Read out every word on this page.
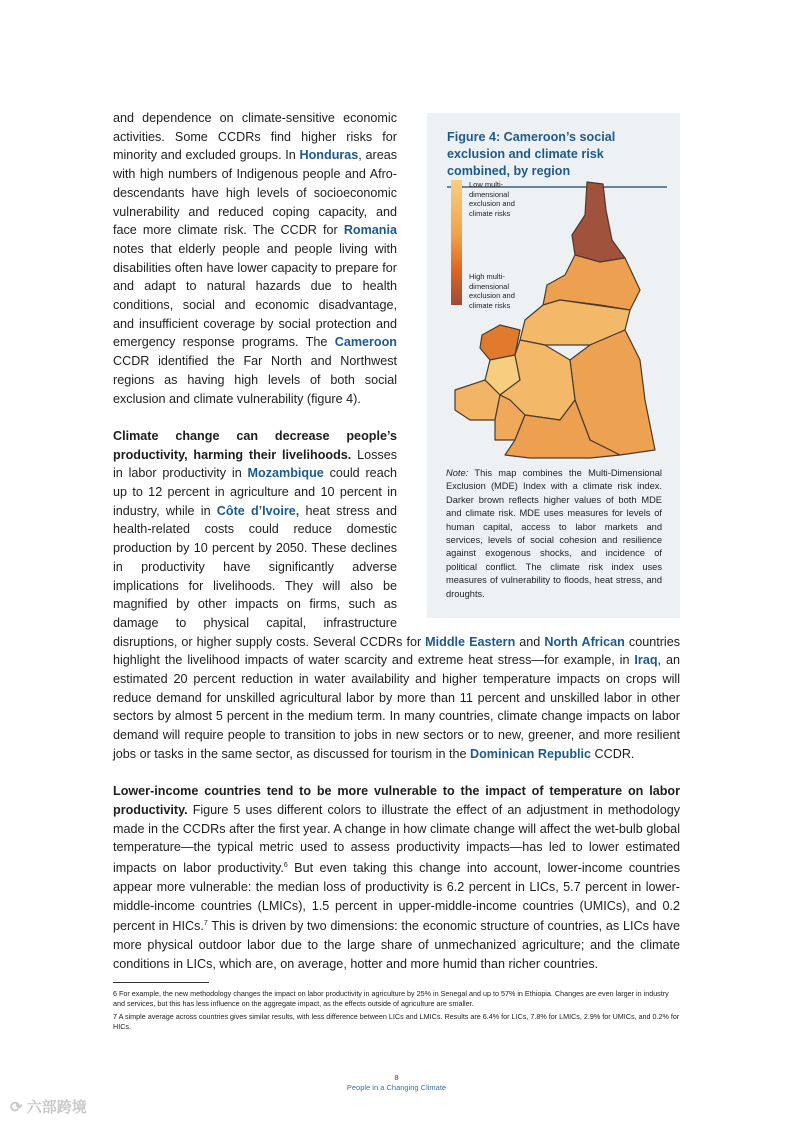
Figure 4: Cameroon’s social exclusion and climate risk combined, by region
Low multi-dimensional exclusion and climate risks
High multi-dimensional exclusion and climate risks
Note: This map combines the Multi-Dimensional Exclusion (MDE) Index with a climate risk index. Darker brown reflects higher values of both MDE and climate risk. MDE uses measures for levels of human capital, access to labor markets and services, levels of social cohesion and resilience against exogenous shocks, and incidence of political conflict. The climate risk index uses measures of vulnerability to floods, heat stress, and droughts.

and dependence on climate-sensitive economic activities. Some CCDRs find higher risks for minority and excluded groups. In Honduras, areas with high numbers of Indigenous people and Afro-descendants have high levels of socioeconomic vulnerability and reduced coping capacity, and face more climate risk. The CCDR for Romania notes that elderly people and people living with disabilities often have lower capacity to prepare for and adapt to natural hazards due to health conditions, social and economic disadvantage, and insufficient coverage by social protection and emergency response programs. The Cameroon CCDR identified the Far North and Northwest regions as having high levels of both social exclusion and climate vulnerability (figure 4).

Climate change can decrease people’s productivity, harming their livelihoods. Losses in labor productivity in Mozambique could reach up to 12 percent in agriculture and 10 percent in industry, while in Côte d’Ivoire, heat stress and health-related costs could reduce domestic production by 10 percent by 2050. These declines in productivity have significantly adverse implications for livelihoods. They will also be magnified by other impacts on firms, such as damage to physical capital, infrastructure disruptions, or higher supply costs. Several CCDRs for Middle Eastern and North African countries highlight the livelihood impacts of water scarcity and extreme heat stress—for example, in Iraq, an estimated 20 percent reduction in water availability and higher temperature impacts on crops will reduce demand for unskilled agricultural labor by more than 11 percent and unskilled labor in other sectors by almost 5 percent in the medium term. In many countries, climate change impacts on labor demand will require people to transition to jobs in new sectors or to new, greener, and more resilient jobs or tasks in the same sector, as discussed for tourism in the Dominican Republic CCDR.

Lower-income countries tend to be more vulnerable to the impact of temperature on labor productivity. Figure 5 uses different colors to illustrate the effect of an adjustment in methodology made in the CCDRs after the first year. A change in how climate change will affect the wet-bulb global temperature—the typical metric used to assess productivity impacts—has led to lower estimated impacts on labor productivity.$^6$ But even taking this change into account, lower-income countries appear more vulnerable: the median loss of productivity is 6.2 percent in LICs, 5.7 percent in lower-middle-income countries (LMICs), 1.5 percent in upper-middle-income countries (UMICs), and 0.2 percent in HICs.$^7$ This is driven by two dimensions: the economic structure of countries, as LICs have more physical outdoor labor due to the large share of unmechanized agriculture; and the climate conditions in LICs, which are, on average, hotter and more humid than richer countries.

6 For example, the new methodology changes the impact on labor productivity in agriculture by 25% in Senegal and up to 57% in Ethiopia. Changes are even larger in industry and services, but this has less influence on the aggregate impact, as the effects outside of agriculture are smaller.
7 A simple average across countries gives similar results, with less difference between LICs and LMICs. Results are 6.4% for LICs, 7.8% for LMICs, 2.9% for UMICs, and 0.2% for HICs.
8
People in a Changing Climate
⟳ 六部跨境
